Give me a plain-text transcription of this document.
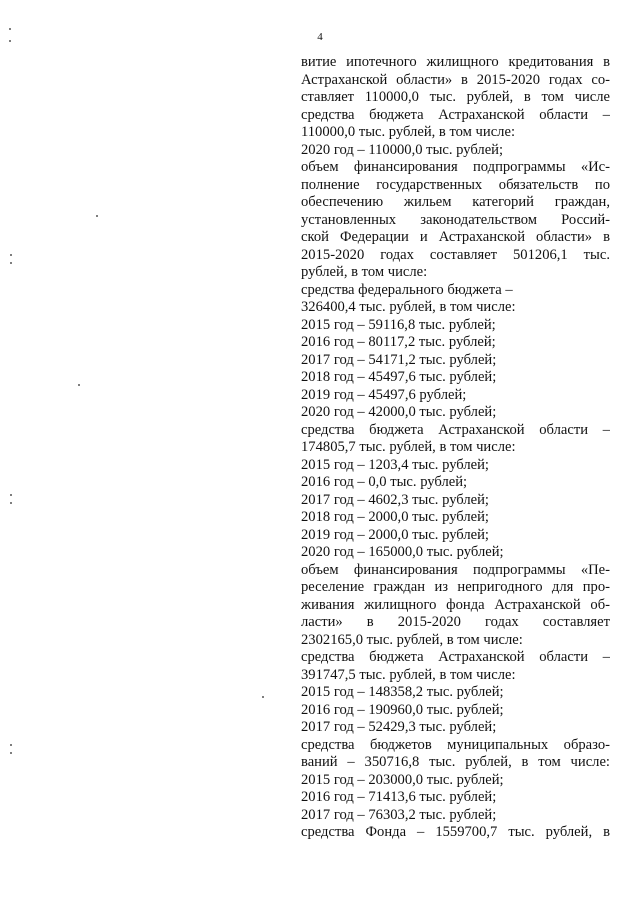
4
витие ипотечного жилищного кредитования в
Астраханской области» в 2015-2020 годах со-
ставляет 110000,0 тыс. рублей, в том числе
средства бюджета Астраханской области –
110000,0 тыс. рублей, в том числе:
2020 год – 110000,0 тыс. рублей;
объем финансирования подпрограммы «Ис-
полнение государственных обязательств по
обеспечению жильем категорий граждан,
установленных законодательством Россий-
ской Федерации и Астраханской области» в
2015-2020 годах составляет 501206,1 тыс.
рублей, в том числе:
средства федерального бюджета –
326400,4 тыс. рублей, в том числе:
2015 год – 59116,8 тыс. рублей;
2016 год – 80117,2 тыс. рублей;
2017 год – 54171,2 тыс. рублей;
2018 год – 45497,6 тыс. рублей;
2019 год – 45497,6 рублей;
2020 год – 42000,0 тыс. рублей;
средства бюджета Астраханской области –
174805,7 тыс. рублей, в том числе:
2015 год – 1203,4 тыс. рублей;
2016 год – 0,0 тыс. рублей;
2017 год – 4602,3 тыс. рублей;
2018 год – 2000,0 тыс. рублей;
2019 год – 2000,0 тыс. рублей;
2020 год – 165000,0 тыс. рублей;
объем финансирования подпрограммы «Пе-
реселение граждан из непригодного для про-
живания жилищного фонда Астраханской об-
ласти» в 2015-2020 годах составляет
2302165,0 тыс. рублей, в том числе:
средства бюджета Астраханской области –
391747,5 тыс. рублей, в том числе:
2015 год – 148358,2 тыс. рублей;
2016 год – 190960,0 тыс. рублей;
2017 год – 52429,3 тыс. рублей;
средства бюджетов муниципальных образо-
ваний – 350716,8 тыс. рублей, в том числе:
2015 год – 203000,0 тыс. рублей;
2016 год – 71413,6 тыс. рублей;
2017 год – 76303,2 тыс. рублей;
средства Фонда – 1559700,7 тыс. рублей, в
